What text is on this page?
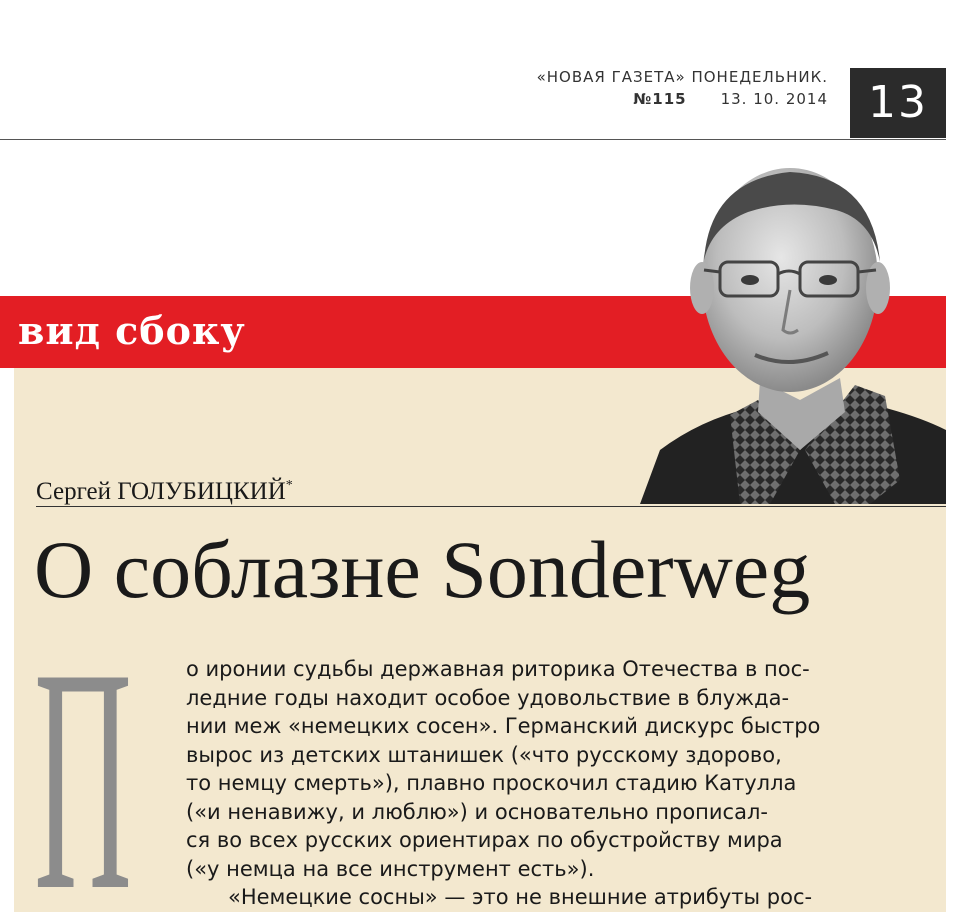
«НОВАЯ ГАЗЕТА» ПОНЕДЕЛЬНИК.
№115 13. 10. 2014 13
вид сбоку
Сергей ГОЛУБИЦКИЙ*
О соблазне Sonderweg
П	о иронии судьбы державная риторика Отечества в пос-
ледние годы находит особое удовольствие в блужда-
нии меж «немецких сосен». Германский дискурс быстро
вырос из детских штанишек («что русскому здорово,
то немцу смерть»), плавно проскочил стадию Катулла
(«и ненавижу, и люблю») и основательно прописал-
ся во всех русских ориентирах по обустройству мира
(«у немца на все инструмент есть»).
«Немецкие сосны» — это не внешние атрибуты рос-
